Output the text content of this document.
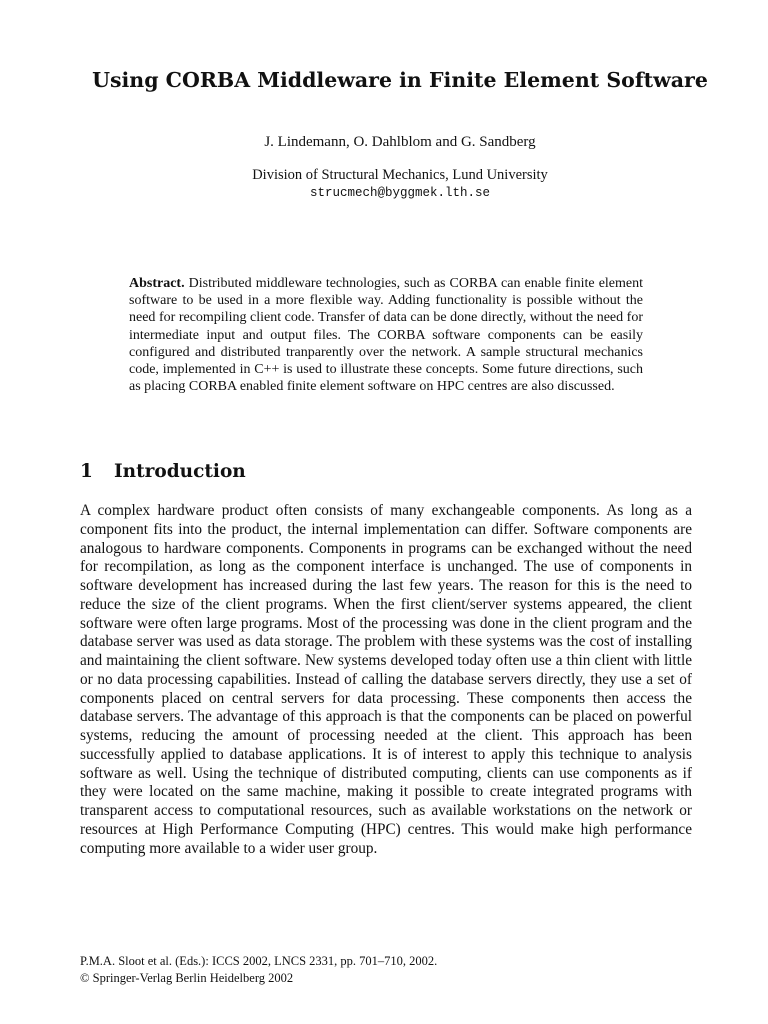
Using CORBA Middleware in Finite Element Software

J. Lindemann, O. Dahlblom and G. Sandberg

Division of Structural Mechanics, Lund University

strucmech@byggmek.lth.se

Abstract. Distributed middleware technologies, such as CORBA can enable finite element software to be used in a more flexible way. Adding functionality is possible without the need for recompiling client code. Transfer of data can be done directly, without the need for intermediate input and output files. The CORBA software components can be easily configured and distributed tranparently over the network. A sample structural mechanics code, implemented in C++ is used to illustrate these concepts. Some future directions, such as placing CORBA enabled finite element software on HPC centres are also discussed.

1 Introduction

A complex hardware product often consists of many exchangeable components. As long as a component fits into the product, the internal implementation can differ. Software components are analogous to hardware components. Components in programs can be exchanged without the need for recompilation, as long as the component interface is unchanged. The use of components in software development has increased during the last few years. The reason for this is the need to reduce the size of the client programs. When the first client/server systems appeared, the client software were often large programs. Most of the processing was done in the client program and the database server was used as data storage. The problem with these systems was the cost of installing and maintaining the client software. New systems developed today often use a thin client with little or no data processing capabilities. Instead of calling the database servers directly, they use a set of components placed on central servers for data processing. These components then access the database servers. The advantage of this approach is that the components can be placed on powerful systems, reducing the amount of processing needed at the client. This approach has been successfully applied to database applications. It is of interest to apply this technique to analysis software as well. Using the technique of distributed computing, clients can use components as if they were located on the same machine, making it possible to create integrated programs with transparent access to computational resources, such as available workstations on the network or resources at High Performance Computing (HPC) centres. This would make high performance computing more available to a wider user group.

P.M.A. Sloot et al. (Eds.): ICCS 2002, LNCS 2331, pp. 701–710, 2002.
© Springer-Verlag Berlin Heidelberg 2002
